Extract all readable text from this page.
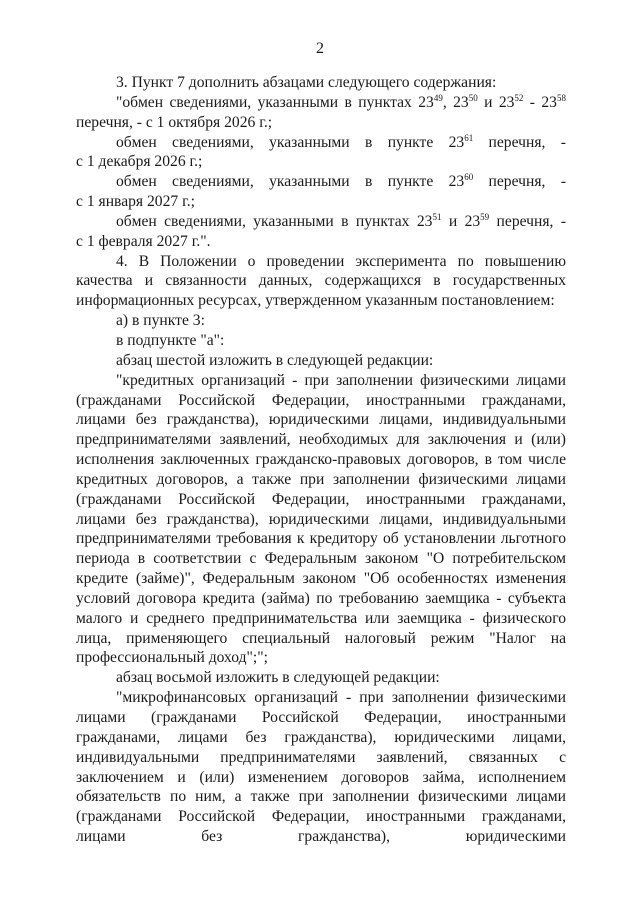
2

3. Пункт 7 дополнить абзацами следующего содержания:

"обмен сведениями, указанными в пунктах $23^{49}$, $23^{50}$ и $23^{52} - 23^{58}$

перечня, - с 1 октября 2026 г.;

обмен сведениями, указанными в пункте $23^{61}$ перечня, -

с 1 декабря 2026 г.;

обмен сведениями, указанными в пункте $23^{60}$ перечня, -

с 1 января 2027 г.;

обмен сведениями, указанными в пунктах $23^{51}$ и $23^{59}$ перечня, -

с 1 февраля 2027 г.".

4. В Положении о проведении эксперимента по повышению качества и связанности данных, содержащихся в государственных информационных ресурсах, утвержденном указанным постановлением:

а) в пункте 3:

в подпункте "а":

абзац шестой изложить в следующей редакции:

"кредитных организаций - при заполнении физическими лицами (гражданами Российской Федерации, иностранными гражданами, лицами без гражданства), юридическими лицами, индивидуальными предпринимателями заявлений, необходимых для заключения и (или) исполнения заключенных гражданско-правовых договоров, в том числе кредитных договоров, а также при заполнении физическими лицами (гражданами Российской Федерации, иностранными гражданами, лицами без гражданства), юридическими лицами, индивидуальными предпринимателями требования к кредитору об установлении льготного периода в соответствии с Федеральным законом "О потребительском кредите (займе)", Федеральным законом "Об особенностях изменения условий договора кредита (займа) по требованию заемщика - субъекта малого и среднего предпринимательства или заемщика - физического лица, применяющего специальный налоговый режим "Налог на профессиональный доход";";

абзац восьмой изложить в следующей редакции:

"микрофинансовых организаций - при заполнении физическими лицами (гражданами Российской Федерации, иностранными гражданами, лицами без гражданства), юридическими лицами, индивидуальными предпринимателями заявлений, связанных с заключением и (или) изменением договоров займа, исполнением обязательств по ним, а также при заполнении физическими лицами (гражданами Российской Федерации, иностранными гражданами, лицами без гражданства), юридическими
